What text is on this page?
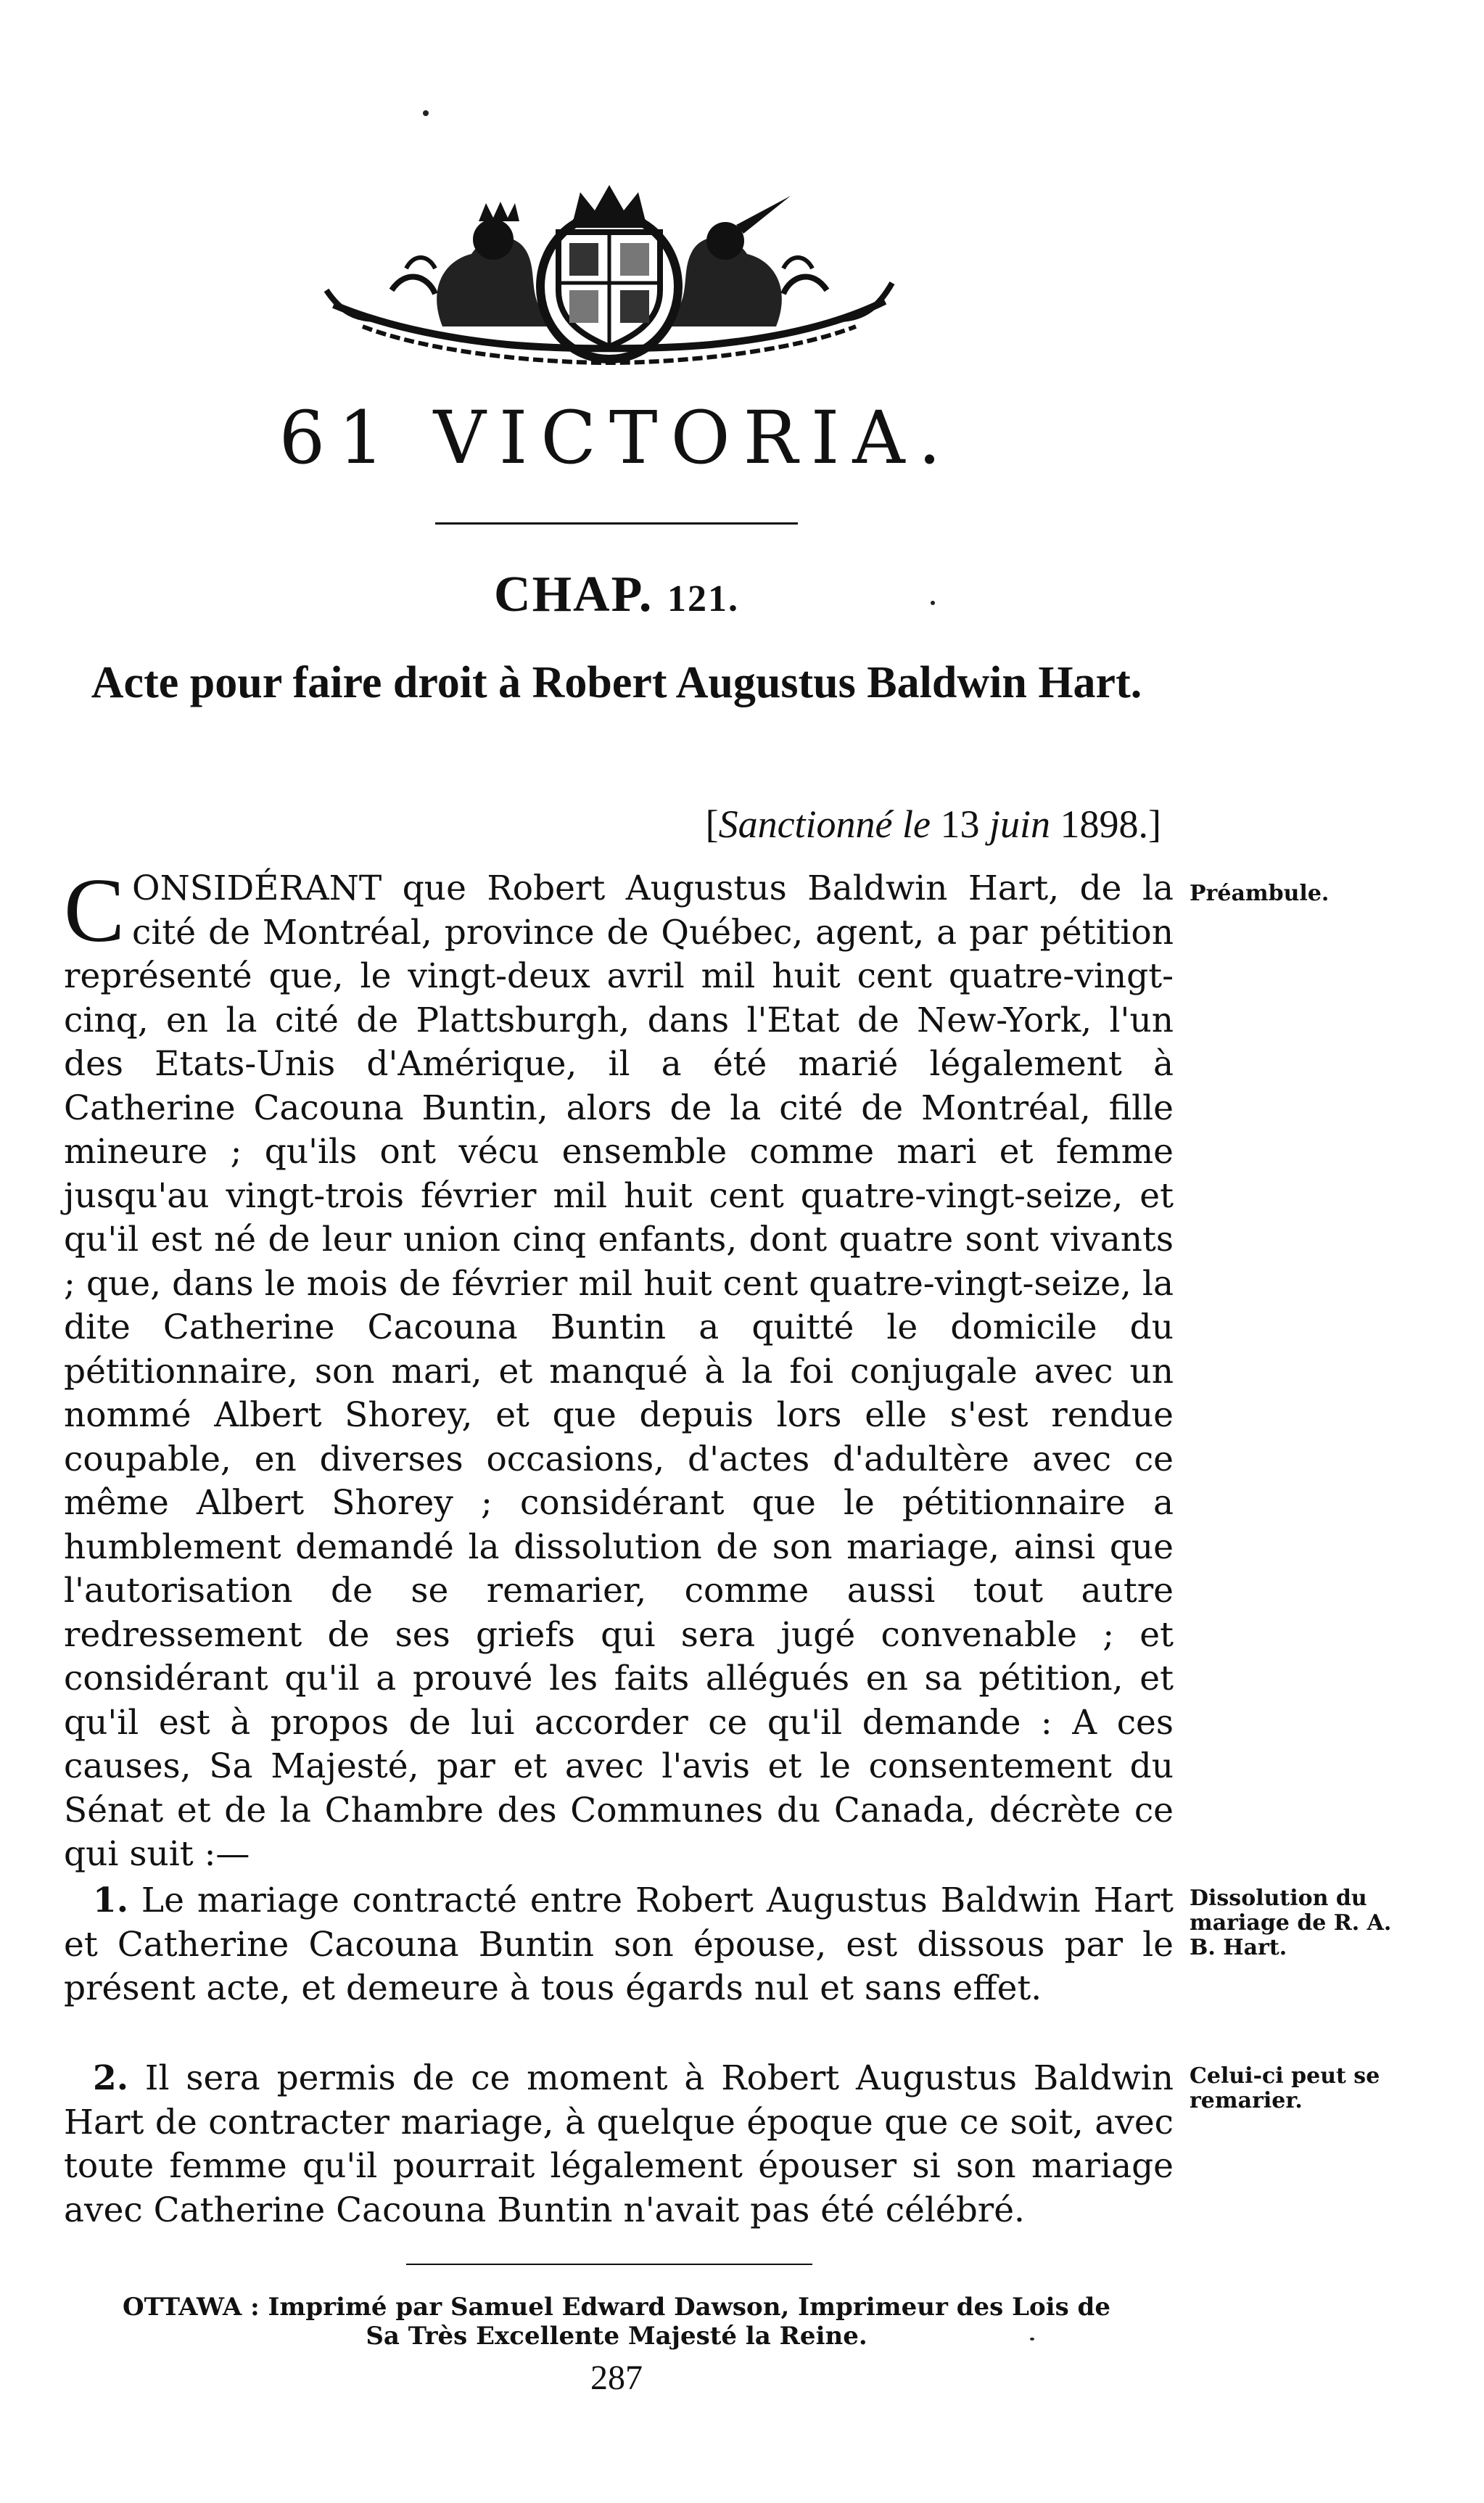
61 VICTORIA.
CHAP. 121.
Acte pour faire droit à Robert Augustus Baldwin Hart.
[Sanctionné le 13 juin 1898.]

CONSIDÉRANT que Robert Augustus Baldwin Hart, de la cité de Montréal, province de Québec, agent, a par pétition représenté que, le vingt-deux avril mil huit cent quatre-vingt-cinq, en la cité de Plattsburgh, dans l'Etat de New-York, l'un des Etats-Unis d'Amérique, il a été marié légalement à Catherine Cacouna Buntin, alors de la cité de Montréal, fille mineure ; qu'ils ont vécu ensemble comme mari et femme jusqu'au vingt-trois février mil huit cent quatre-vingt-seize, et qu'il est né de leur union cinq enfants, dont quatre sont vivants ; que, dans le mois de février mil huit cent quatre-vingt-seize, la dite Catherine Cacouna Buntin a quitté le domicile du pétitionnaire, son mari, et manqué à la foi conjugale avec un nommé Albert Shorey, et que depuis lors elle s'est rendue coupable, en diverses occasions, d'actes d'adultère avec ce même Albert Shorey ; considérant que le pétitionnaire a humblement demandé la dissolution de son mariage, ainsi que l'autorisation de se remarier, comme aussi tout autre redressement de ses griefs qui sera jugé convenable ; et considérant qu'il a prouvé les faits allégués en sa pétition, et qu'il est à propos de lui accorder ce qu'il demande : A ces causes, Sa Majesté, par et avec l'avis et le consentement du Sénat et de la Chambre des Communes du Canada, décrète ce qui suit :—

Préambule.

1. Le mariage contracté entre Robert Augustus Baldwin Hart et Catherine Cacouna Buntin son épouse, est dissous par le présent acte, et demeure à tous égards nul et sans effet.

Dissolution du mariage de R. A. B. Hart.

2. Il sera permis de ce moment à Robert Augustus Baldwin Hart de contracter mariage, à quelque époque que ce soit, avec toute femme qu'il pourrait légalement épouser si son mariage avec Catherine Cacouna Buntin n'avait pas été célébré.

Celui-ci peut se remarier.
OTTAWA : Imprimé par Samuel Edward Dawson, Imprimeur des Lois de
Sa Très Excellente Majesté la Reine.
287
